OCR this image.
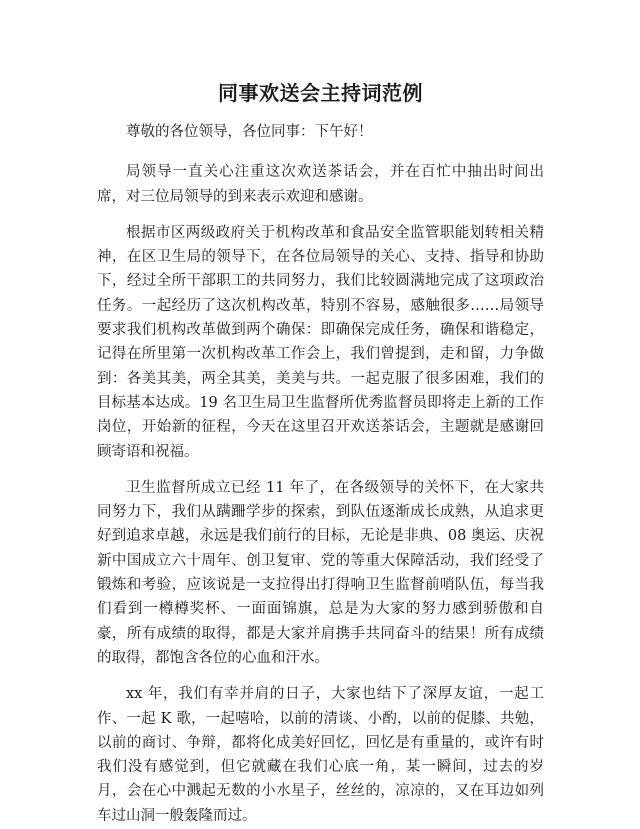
同事欢送会主持词范例

尊敬的各位领导，各位同事：下午好！

局领导一直关心注重这次欢送茶话会，并在百忙中抽出时间出席，对三位局领导的到来表示欢迎和感谢。

根据市区两级政府关于机构改革和食品安全监管职能划转相关精神，在区卫生局的领导下，在各位局领导的关心、支持、指导和协助下，经过全所干部职工的共同努力，我们比较圆满地完成了这项政治任务。一起经历了这次机构改革，特别不容易，感触很多……局领导要求我们机构改革做到两个确保：即确保完成任务，确保和谐稳定，记得在所里第一次机构改革工作会上，我们曾提到，走和留，力争做到：各美其美，两全其美，美美与共。一起克服了很多困难，我们的目标基本达成。19 名卫生局卫生监督所优秀监督员即将走上新的工作岗位，开始新的征程，今天在这里召开欢送茶话会，主题就是感谢回顾寄语和祝福。

卫生监督所成立已经 11 年了，在各级领导的关怀下，在大家共同努力下，我们从蹒跚学步的探索，到队伍逐渐成长成熟，从追求更好到追求卓越，永远是我们前行的目标，无论是非典、08 奥运、庆祝新中国成立六十周年、创卫复审、党的等重大保障活动，我们经受了锻炼和考验，应该说是一支拉得出打得响卫生监督前哨队伍，每当我们看到一樽樽奖杯、一面面锦旗，总是为大家的努力感到骄傲和自豪，所有成绩的取得，都是大家并肩携手共同奋斗的结果！所有成绩的取得，都饱含各位的心血和汗水。

xx 年，我们有幸并肩的日子，大家也结下了深厚友谊，一起工作、一起 K 歌，一起嘻哈，以前的清谈、小酌，以前的促膝、共勉，以前的商讨、争辩，都将化成美好回忆，回忆是有重量的，或许有时我们没有感觉到，但它就藏在我们心底一角，某一瞬间，过去的岁月，会在心中溅起无数的小水星子，丝丝的，凉凉的，又在耳边如列车过山洞一般轰隆而过。
